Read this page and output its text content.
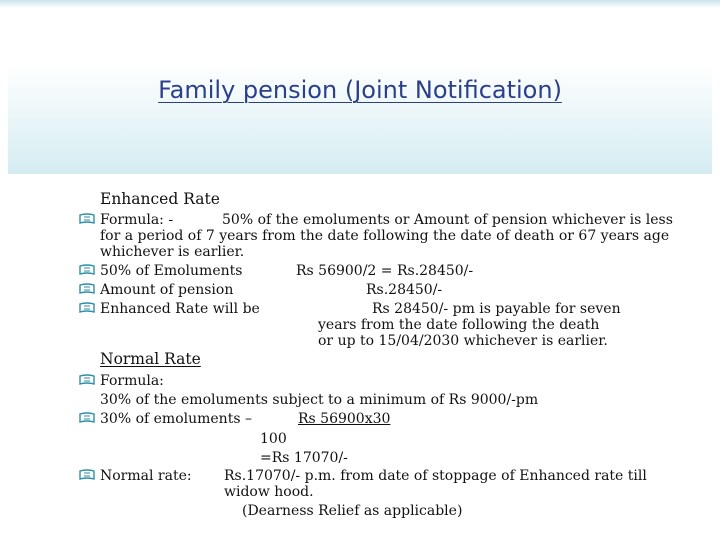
Family pension (Joint Notification)
Enhanced Rate
Formula: -	50% of the emoluments or Amount of pension whichever is less
for a period of 7 years from the date following the date of death or 67 years age
whichever is earlier.
50% of Emoluments	Rs 56900/2 = Rs.28450/-
Amount of pension	Rs.28450/-
Enhanced Rate will be	Rs 28450/- pm is payable for seven
years from the date following the death
or up to 15/04/2030 whichever is earlier.
Normal Rate
Formula:
30% of the emoluments subject to a minimum of Rs 9000/-pm
30% of emoluments –	Rs 56900x30
100
=Rs 17070/-
Normal rate: Rs.17070/- p.m. from date of stoppage of Enhanced rate till
widow hood.
(Dearness Relief as applicable)
